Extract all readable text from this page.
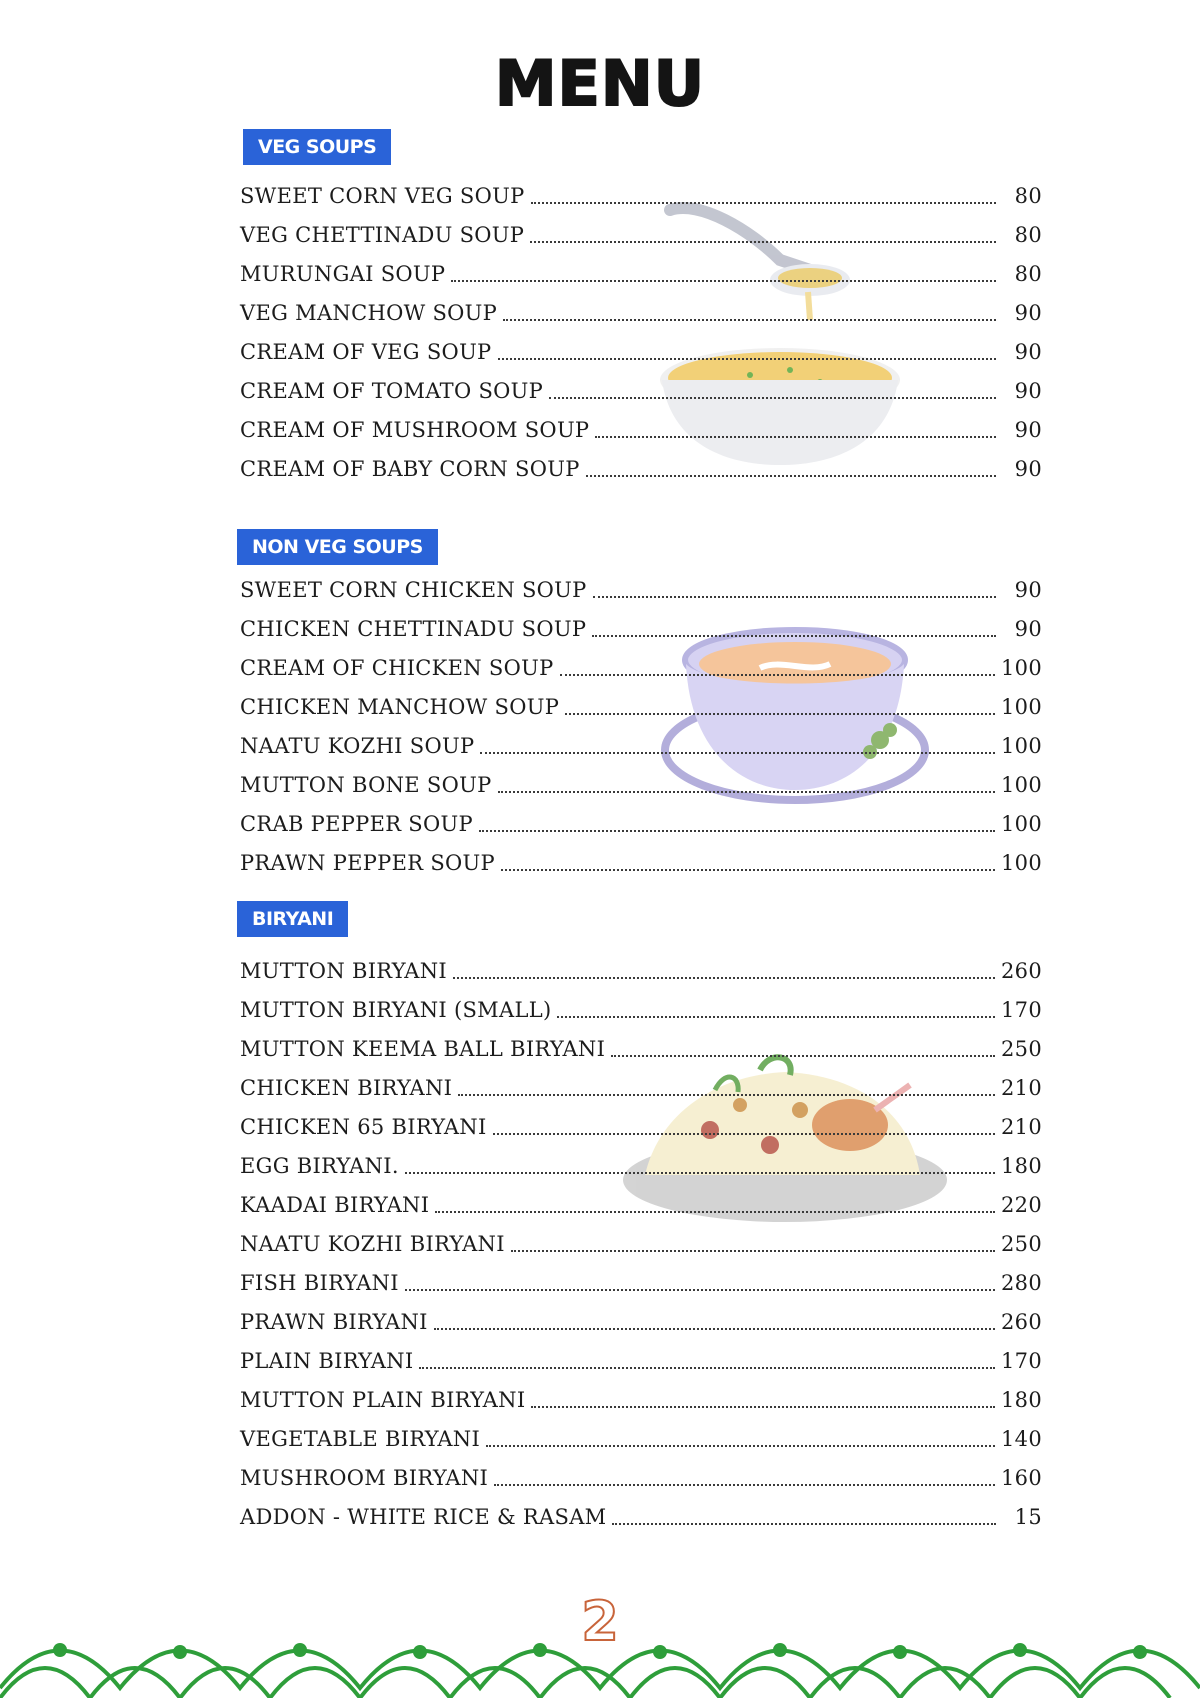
MENU
VEG SOUPS
SWEET CORN VEG SOUP	80
VEG CHETTINADU SOUP	80
MURUNGAI SOUP	80
VEG MANCHOW SOUP	90
CREAM OF VEG SOUP	90
CREAM OF TOMATO SOUP	90
CREAM OF MUSHROOM SOUP	90
CREAM OF BABY CORN SOUP	90
NON VEG SOUPS
SWEET CORN CHICKEN SOUP	90
CHICKEN CHETTINADU SOUP	90
CREAM OF CHICKEN SOUP	100
CHICKEN MANCHOW SOUP	100
NAATU KOZHI SOUP	100
MUTTON BONE SOUP	100
CRAB PEPPER SOUP	100
PRAWN PEPPER SOUP	100
BIRYANI
MUTTON BIRYANI	260
MUTTON BIRYANI (SMALL)	170
MUTTON KEEMA BALL BIRYANI	250
CHICKEN BIRYANI	210
CHICKEN 65 BIRYANI	210
EGG BIRYANI.	180
KAADAI BIRYANI	220
NAATU KOZHI BIRYANI	250
FISH BIRYANI	280
PRAWN BIRYANI	260
PLAIN BIRYANI	170
MUTTON PLAIN BIRYANI	180
VEGETABLE BIRYANI	140
MUSHROOM BIRYANI	160
ADDON - WHITE RICE & RASAM	15
2
